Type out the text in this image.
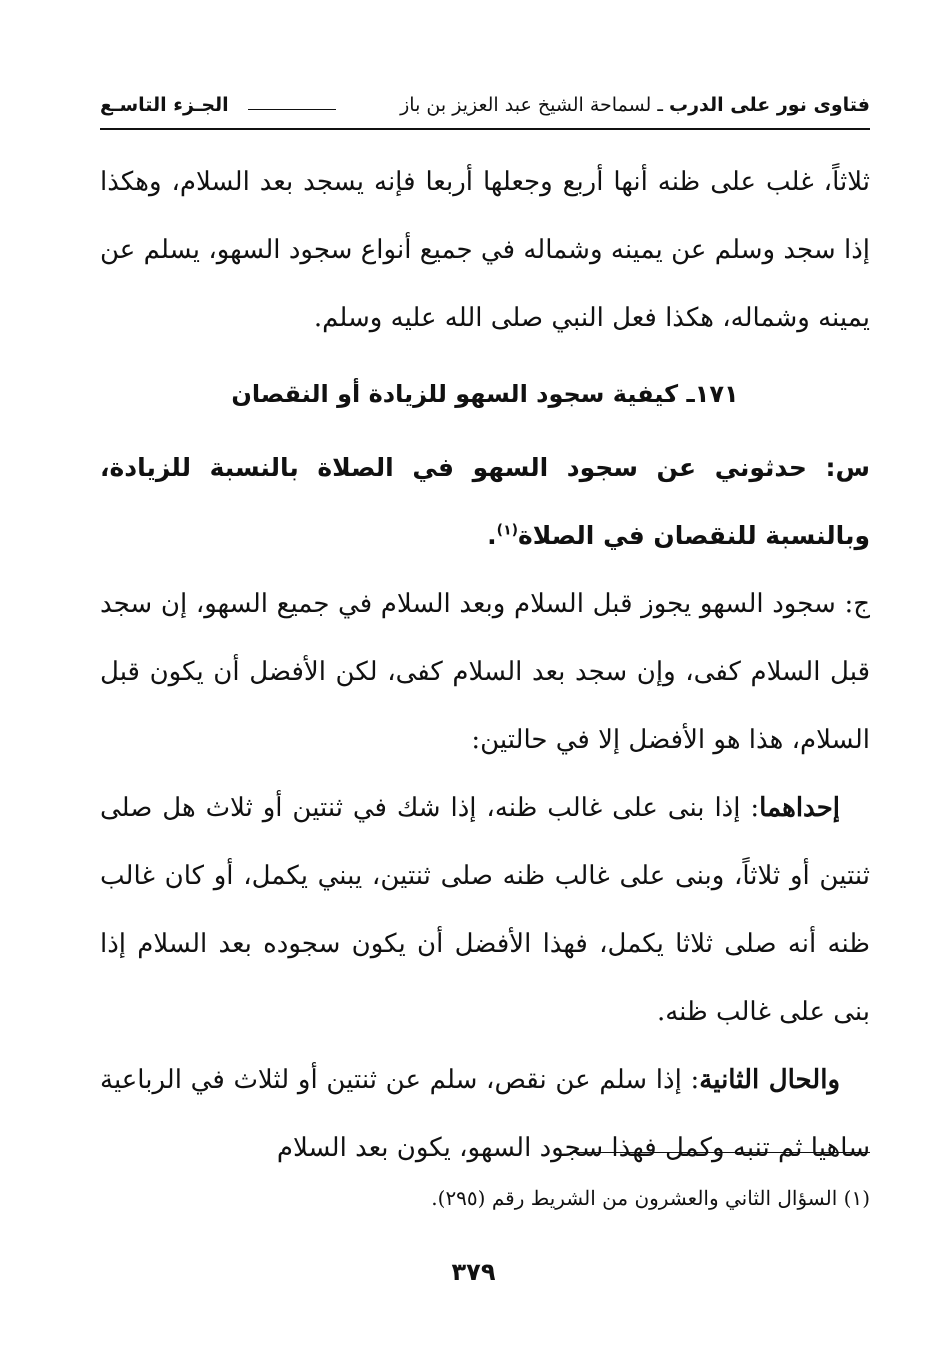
فتاوى نور على الدرب ـ لسماحة الشيخ عبد العزيز بن باز
الجـزء التاسـع

ثلاثاً، غلب على ظنه أنها أربع وجعلها أربعا فإنه يسجد بعد السلام، وهكذا إذا سجد وسلم عن يمينه وشماله في جميع أنواع سجود السهو، يسلم عن يمينه وشماله، هكذا فعل النبي صلى الله عليه وسلم.

١٧١ـ كيفية سجود السهو للزيادة أو النقصان

س: حدثوني عن سجود السهو في الصلاة بالنسبة للزيادة، وبالنسبة للنقصان في الصلاة$^{(١)}$.

ج: سجود السهو يجوز قبل السلام وبعد السلام في جميع السهو، إن سجد قبل السلام كفى، وإن سجد بعد السلام كفى، لكن الأفضل أن يكون قبل السلام، هذا هو الأفضل إلا في حالتين:

إحداهما: إذا بنى على غالب ظنه، إذا شك في ثنتين أو ثلاث هل صلى ثنتين أو ثلاثاً، وبنى على غالب ظنه صلى ثنتين، يبني يكمل، أو كان غالب ظنه أنه صلى ثلاثا يكمل، فهذا الأفضل أن يكون سجوده بعد السلام إذا بنى على غالب ظنه.

والحال الثانية: إذا سلم عن نقص، سلم عن ثنتين أو لثلاث في الرباعية ساهيا ثم تنبه وكمل فهذا سجود السهو، يكون بعد السلام

(١) السؤال الثاني والعشرون من الشريط رقم (٢٩٥).
٣٧٩
